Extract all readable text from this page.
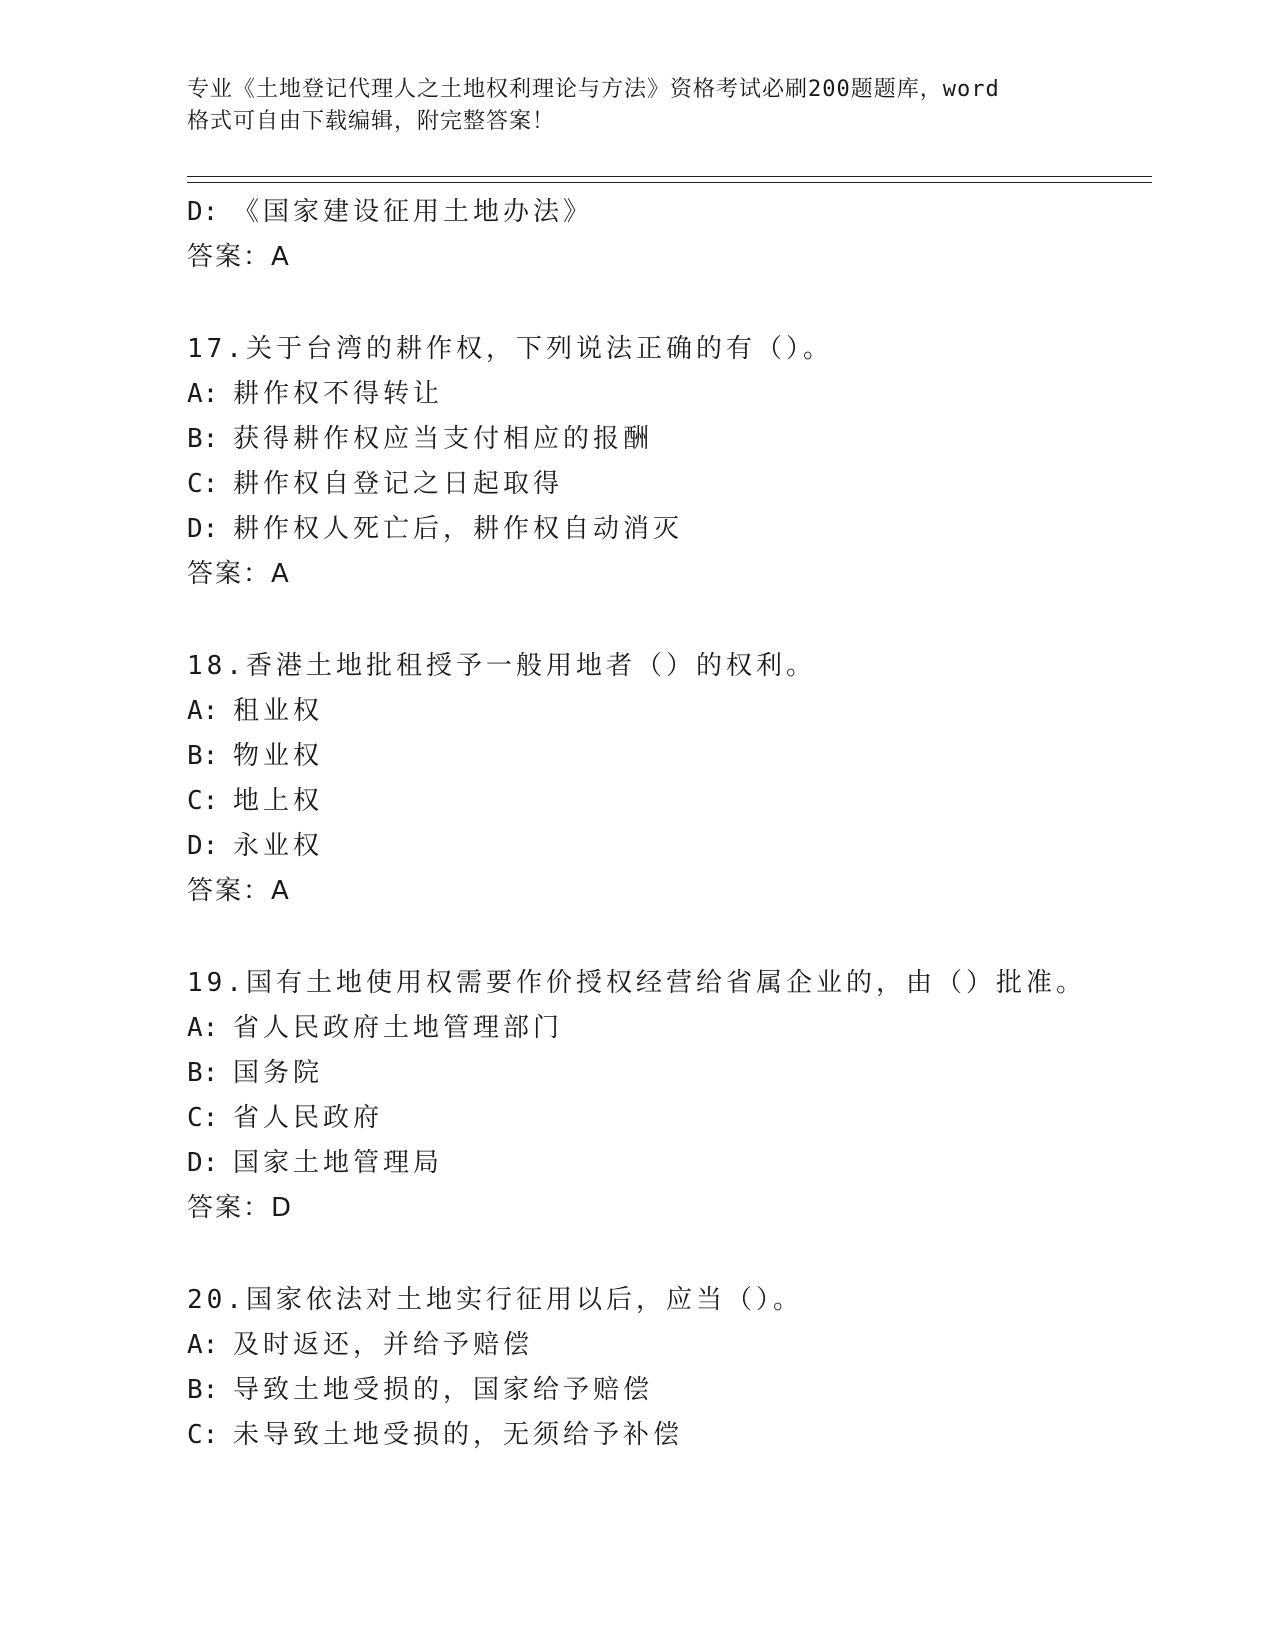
专业《土地登记代理人之土地权利理论与方法》资格考试必刷200题题库，word
格式可自由下载编辑，附完整答案！
D: 《国家建设征用土地办法》
答案：A
17.关于台湾的耕作权，下列说法正确的有（）。
A: 耕作权不得转让
B: 获得耕作权应当支付相应的报酬
C: 耕作权自登记之日起取得
D: 耕作权人死亡后，耕作权自动消灭
答案：A
18.香港土地批租授予一般用地者（）的权利。
A: 租业权
B: 物业权
C: 地上权
D: 永业权
答案：A
19.国有土地使用权需要作价授权经营给省属企业的，由（）批准。
A: 省人民政府土地管理部门
B: 国务院
C: 省人民政府
D: 国家土地管理局
答案：D
20.国家依法对土地实行征用以后，应当（）。
A: 及时返还，并给予赔偿
B: 导致土地受损的，国家给予赔偿
C: 未导致土地受损的，无须给予补偿
